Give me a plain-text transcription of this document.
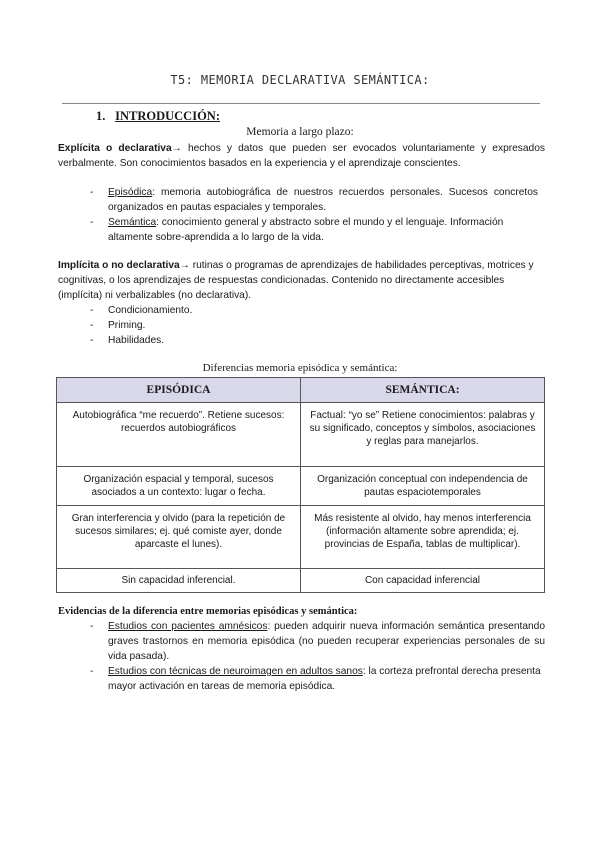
T5: MEMORIA DECLARATIVA SEMÁNTICA:
1. INTRODUCCIÓN:
Memoria a largo plazo:
Explícita o declarativa→ hechos y datos que pueden ser evocados voluntariamente y expresados verbalmente. Son conocimientos basados en la experiencia y el aprendizaje conscientes.
- Episódica: memoria autobiográfica de nuestros recuerdos personales. Sucesos concretos organizados en pautas espaciales y temporales.
- Semántica: conocimiento general y abstracto sobre el mundo y el lenguaje. Información altamente sobre-aprendida a lo largo de la vida.
Implícita o no declarativa→ rutinas o programas de aprendizajes de habilidades perceptivas, motrices y cognitivas, o los aprendizajes de respuestas condicionadas. Contenido no directamente accesibles (implícita) ni verbalizables (no declarativa).
- Condicionamiento.
- Priming.
- Habilidades.
Diferencias memoria episódica y semántica:
EPISÓDICA	SEMÁNTICA:
Autobiográfica “me recuerdo”. Retiene sucesos: recuerdos autobiográficos	Factual: “yo se” Retiene conocimientos: palabras y su significado, conceptos y símbolos, asociaciones y reglas para manejarlos.
Organización espacial y temporal, sucesos asociados a un contexto: lugar o fecha.	Organización conceptual con independencia de pautas espaciotemporales
Gran interferencia y olvido (para la repetición de sucesos similares; ej. qué comiste ayer, donde aparcaste el lunes).	Más resistente al olvido, hay menos interferencia (información altamente sobre aprendida; ej. provincias de España, tablas de multiplicar).
Sin capacidad inferencial.	Con capacidad inferencial
Evidencias de la diferencia entre memorias episódicas y semántica:
- Estudios con pacientes amnésicos: pueden adquirir nueva información semántica presentando graves trastornos en memoria episódica (no pueden recuperar experiencias personales de su vida pasada).
- Estudios con técnicas de neuroimagen en adultos sanos: la corteza prefrontal derecha presenta mayor activación en tareas de memoria episódica.
